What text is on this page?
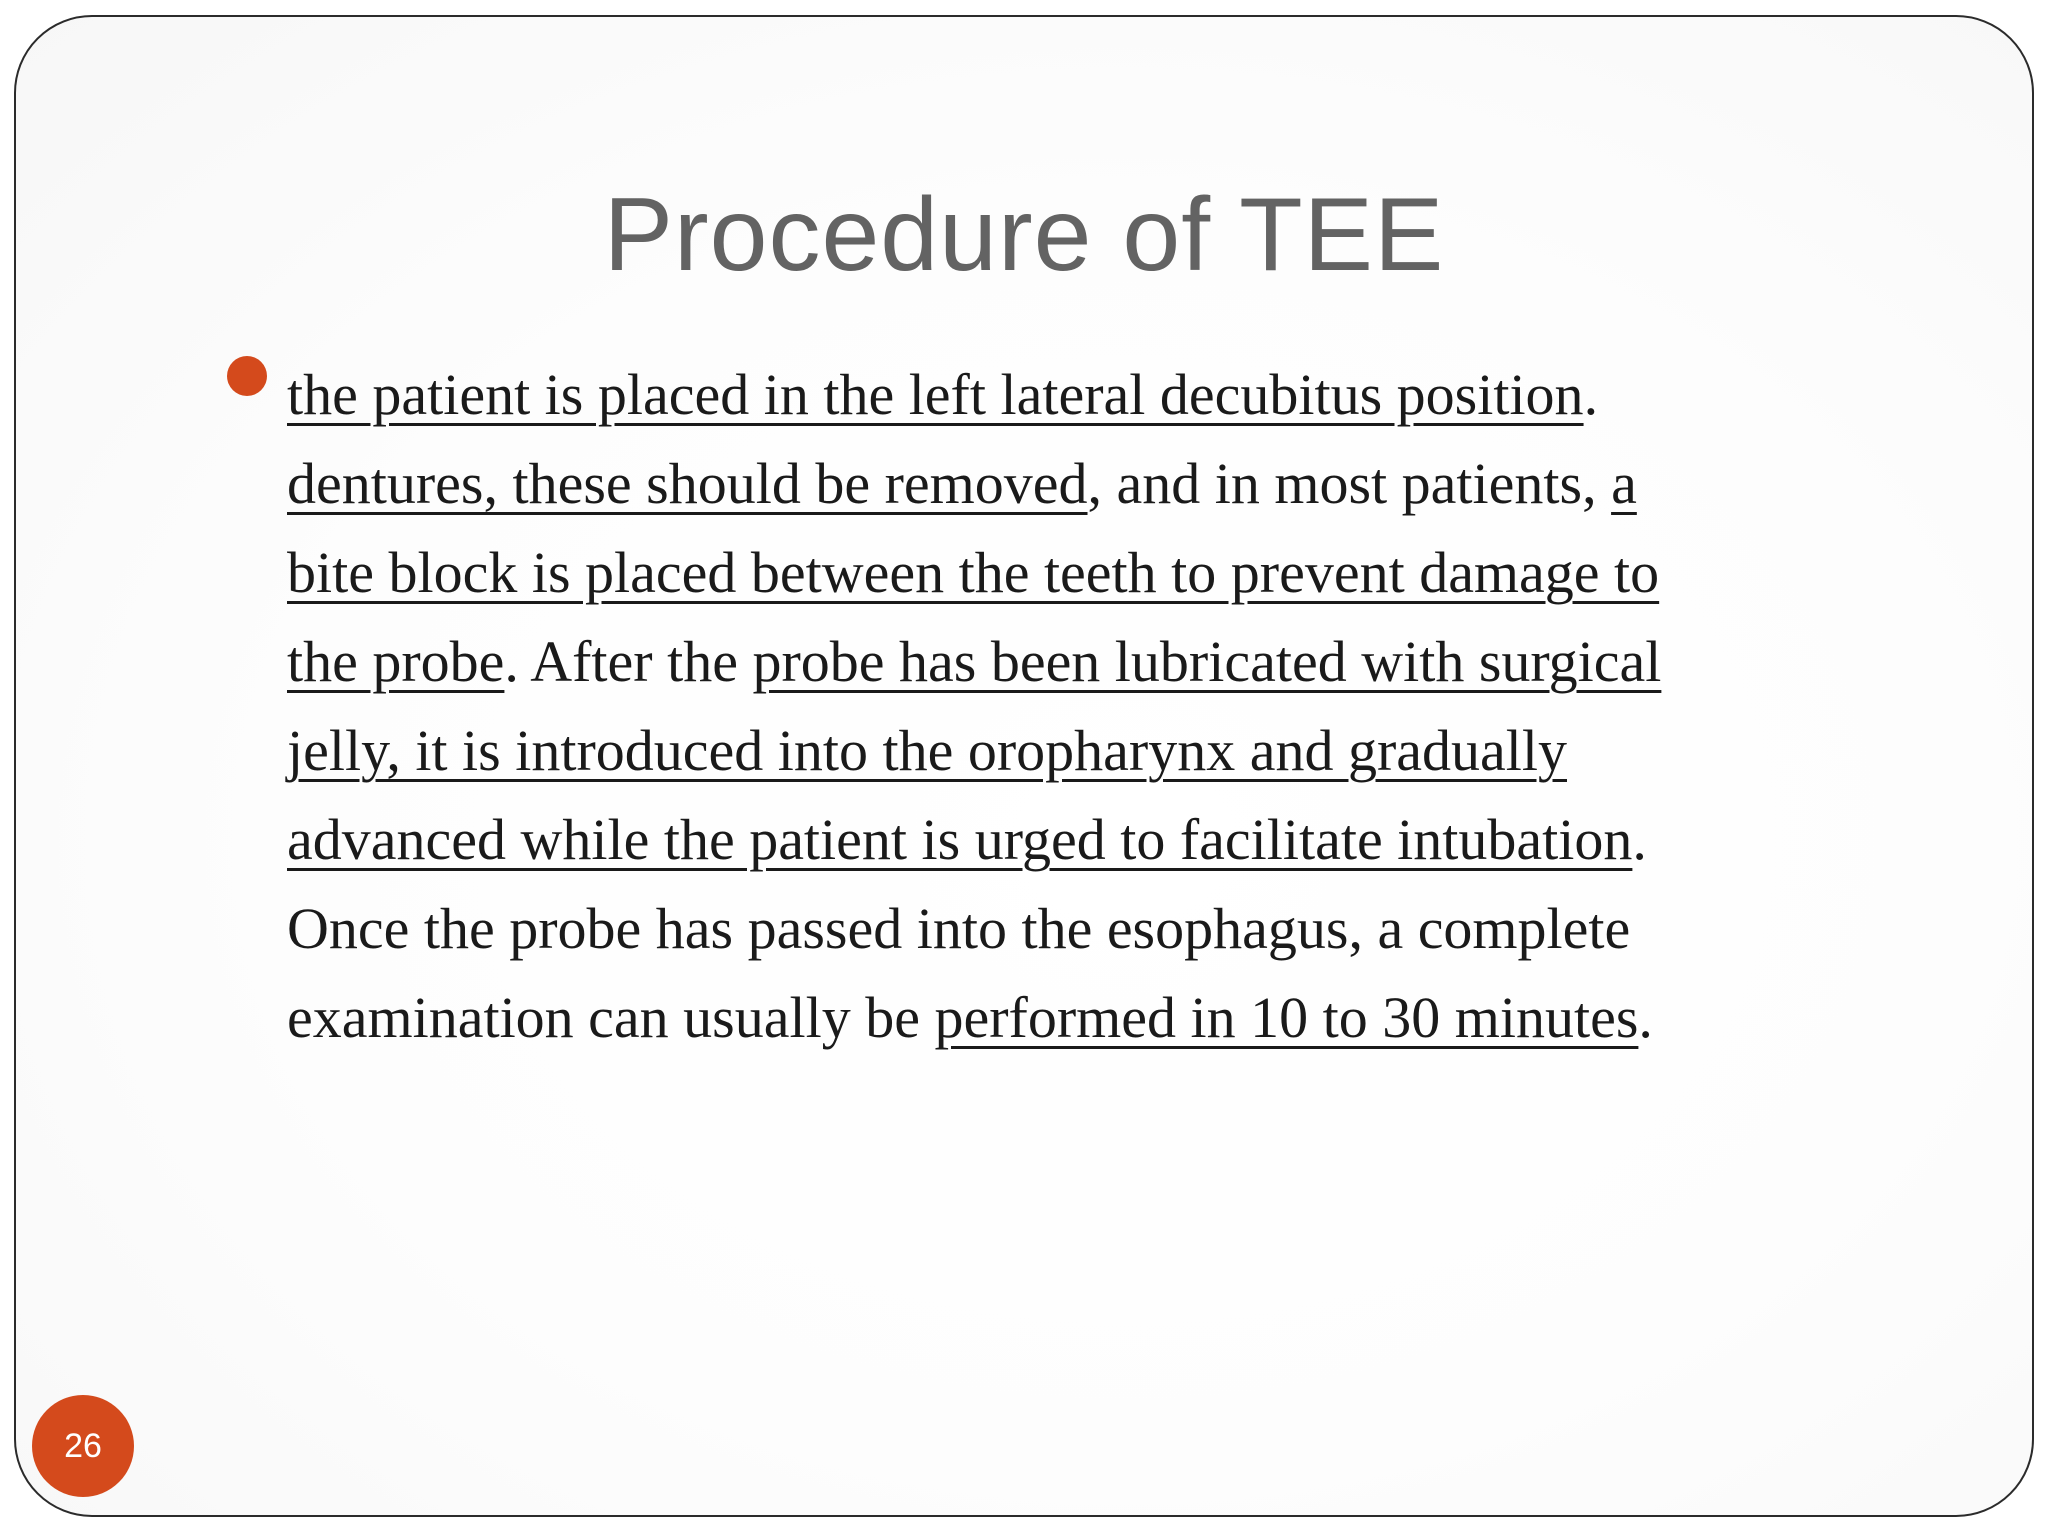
Procedure of TEE

the patient is placed in the left lateral decubitus position.
dentures, these should be removed, and in most patients, a
bite block is placed between the teeth to prevent damage to
the probe. After the probe has been lubricated with surgical
jelly, it is introduced into the oropharynx and gradually
advanced while the patient is urged to facilitate intubation.
Once the probe has passed into the esophagus, a complete
examination can usually be performed in 10 to 30 minutes.

26
